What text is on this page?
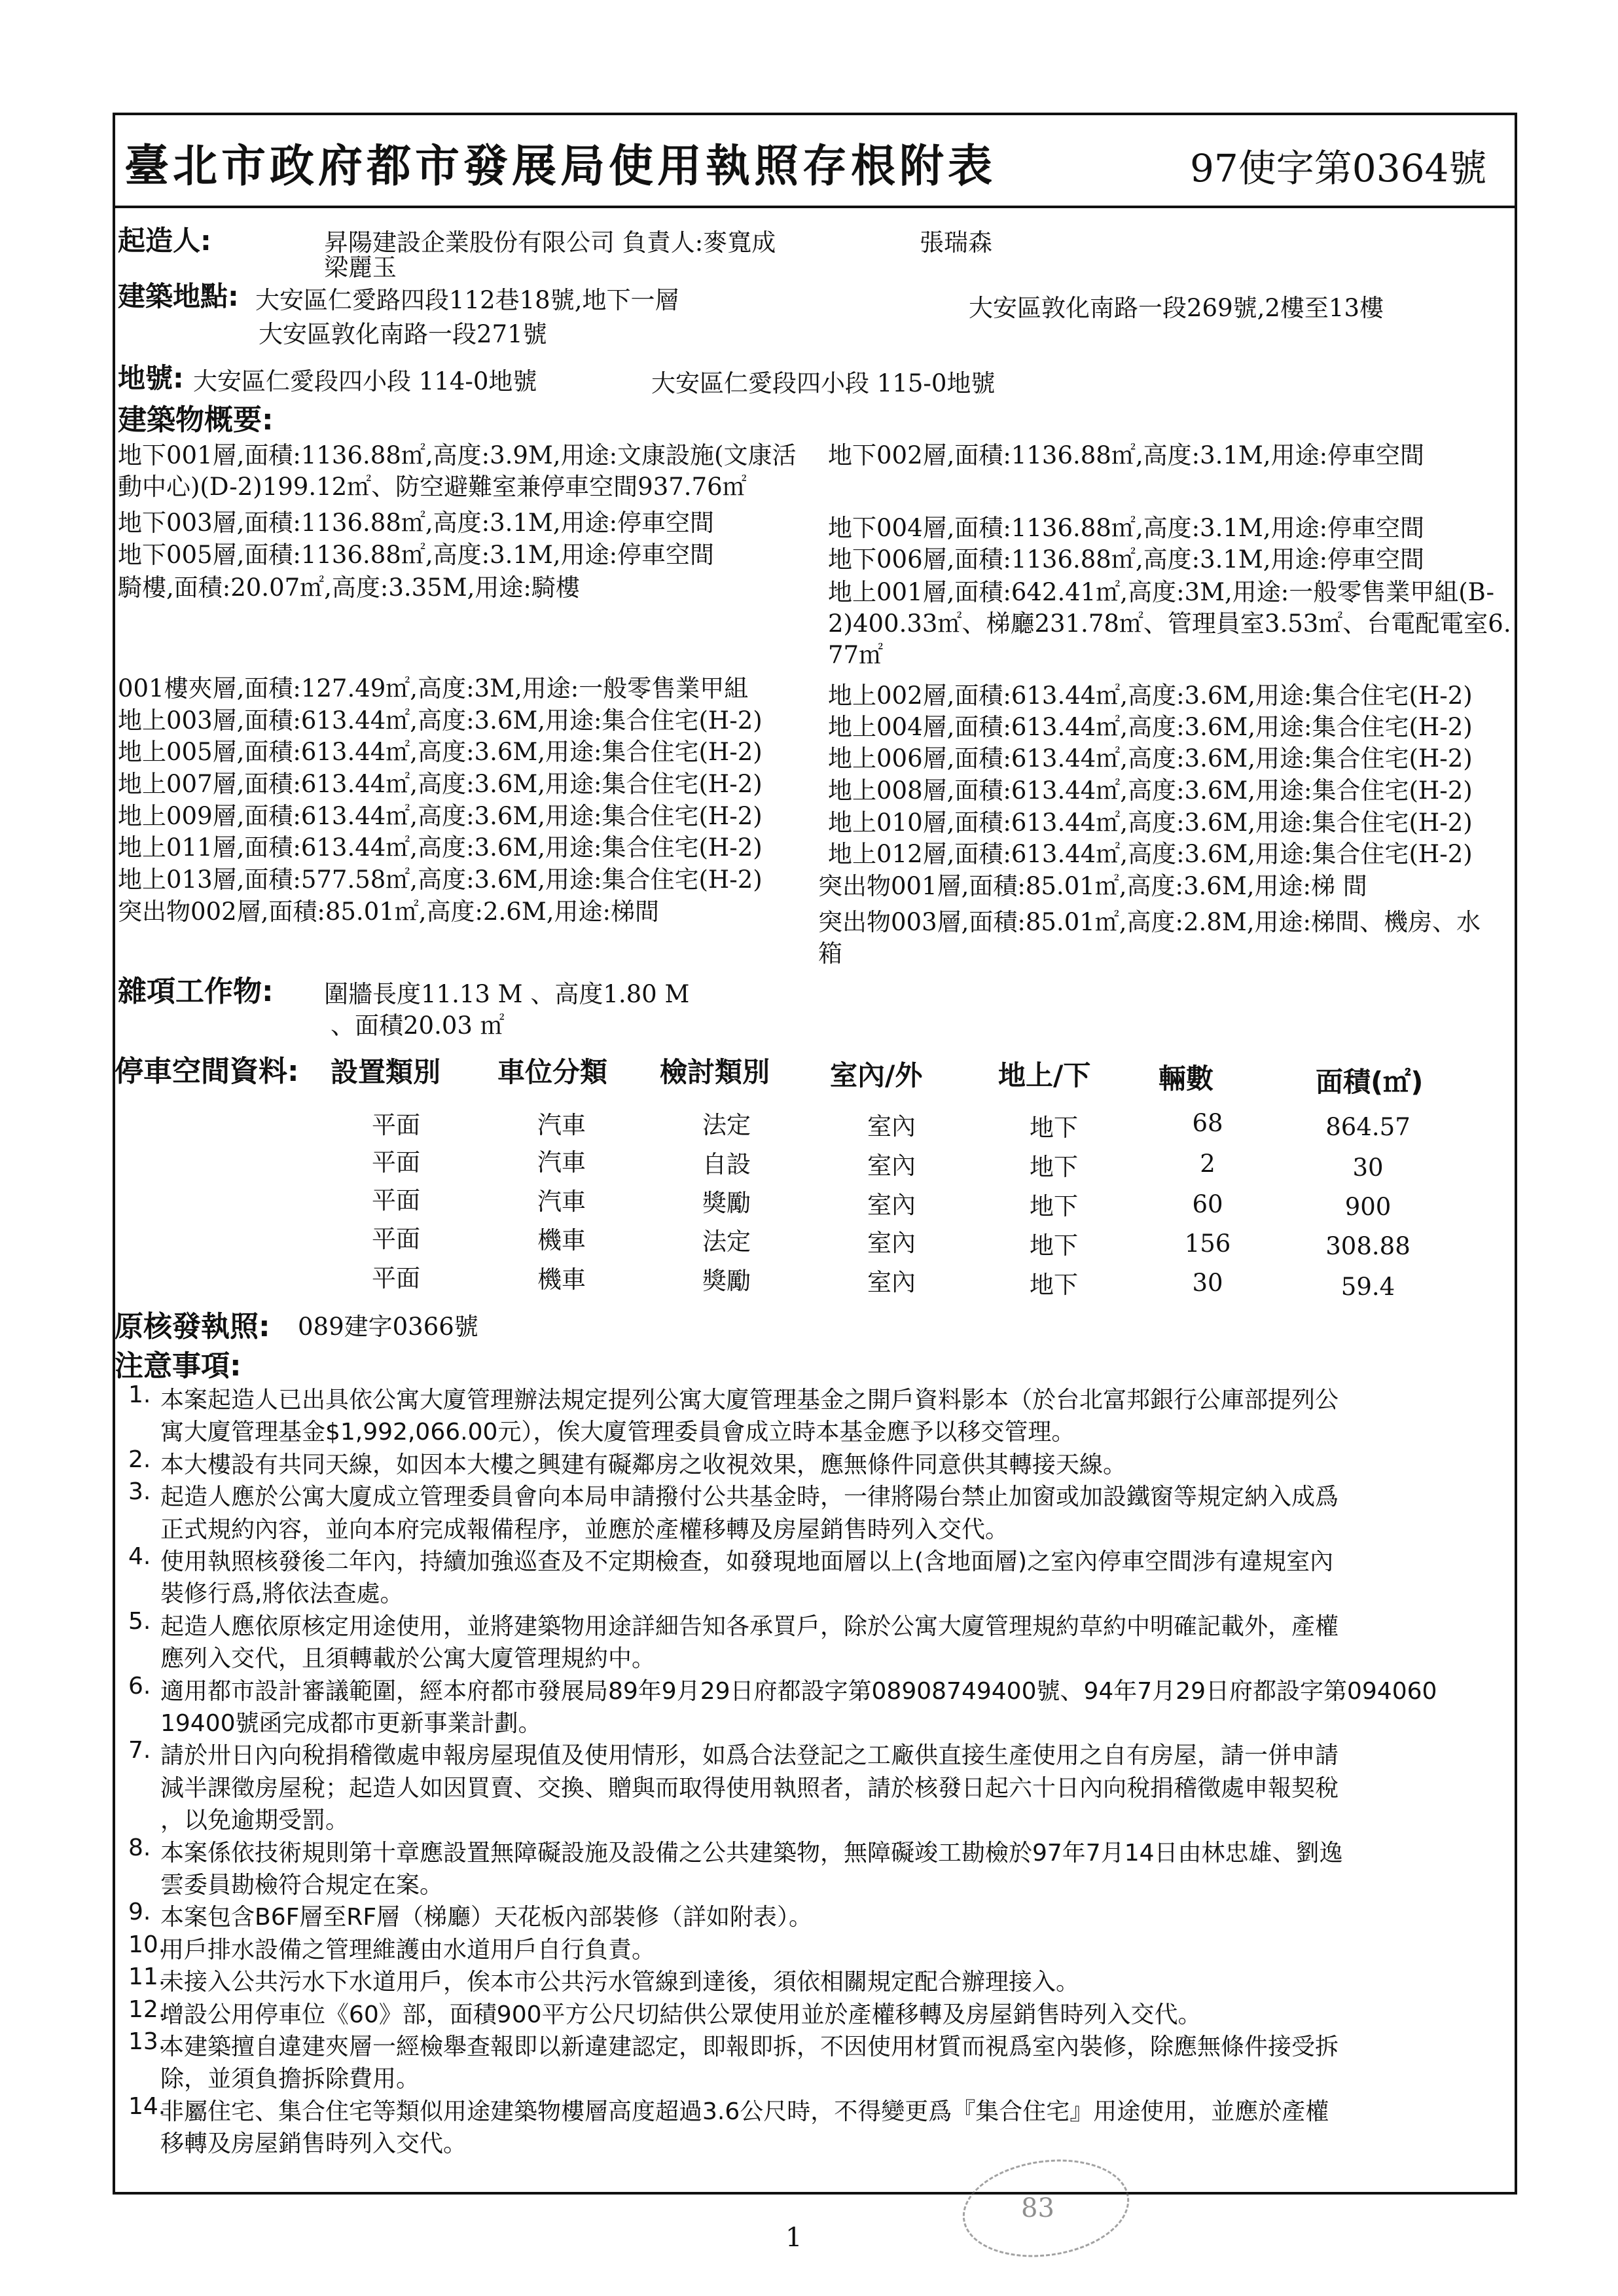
臺北市政府都市發展局使用執照存根附表	97使字第0364號
起造人:	昇陽建設企業股份有限公司 負責人:麥寬成	張瑞森
梁麗玉
建築地點: 大安區仁愛路四段112巷18號,地下一層	大安區敦化南路一段269號,2樓至13樓
大安區敦化南路一段271號
地號: 大安區仁愛段四小段 114-0地號	大安區仁愛段四小段 115-0地號
建築物概要:
地下001層,面積:1136.88㎡,高度:3.9M,用途:文康設施(文康活
動中心)(D-2)199.12㎡、防空避難室兼停車空間937.76㎡
地下003層,面積:1136.88㎡,高度:3.1M,用途:停車空間
地下005層,面積:1136.88㎡,高度:3.1M,用途:停車空間
騎樓,面積:20.07㎡,高度:3.35M,用途:騎樓
001樓夾層,面積:127.49㎡,高度:3M,用途:一般零售業甲組
地上003層,面積:613.44㎡,高度:3.6M,用途:集合住宅(H-2)
地上005層,面積:613.44㎡,高度:3.6M,用途:集合住宅(H-2)
地上007層,面積:613.44㎡,高度:3.6M,用途:集合住宅(H-2)
地上009層,面積:613.44㎡,高度:3.6M,用途:集合住宅(H-2)
地上011層,面積:613.44㎡,高度:3.6M,用途:集合住宅(H-2)
地上013層,面積:577.58㎡,高度:3.6M,用途:集合住宅(H-2)
突出物002層,面積:85.01㎡,高度:2.6M,用途:梯間
地下002層,面積:1136.88㎡,高度:3.1M,用途:停車空間
地下004層,面積:1136.88㎡,高度:3.1M,用途:停車空間
地下006層,面積:1136.88㎡,高度:3.1M,用途:停車空間
地上001層,面積:642.41㎡,高度:3M,用途:一般零售業甲組(B-
2)400.33㎡、梯廳231.78㎡、管理員室3.53㎡、台電配電室6.
77㎡
地上002層,面積:613.44㎡,高度:3.6M,用途:集合住宅(H-2)
地上004層,面積:613.44㎡,高度:3.6M,用途:集合住宅(H-2)
地上006層,面積:613.44㎡,高度:3.6M,用途:集合住宅(H-2)
地上008層,面積:613.44㎡,高度:3.6M,用途:集合住宅(H-2)
地上010層,面積:613.44㎡,高度:3.6M,用途:集合住宅(H-2)
地上012層,面積:613.44㎡,高度:3.6M,用途:集合住宅(H-2)
突出物001層,面積:85.01㎡,高度:3.6M,用途:梯 間
突出物003層,面積:85.01㎡,高度:2.8M,用途:梯間、機房、水
箱
雜項工作物: 圍牆長度11.13 M 、高度1.80 M
、面積20.03 ㎡
停車空間資料: 設置類別 車位分類 檢討類別 室內/外	地上/下 輛數	面積(㎡)
平面	汽車	法定	室內	地下	68	864.57
平面	汽車	自設	室內	地下	2	30
平面	汽車	獎勵	室內	地下	60	900
平面	機車	法定	室內	地下	156	308.88
平面	機車	獎勵	室內	地下	30	59.4
原核發執照: 089建字0366號
注意事項:
1. 本案起造人已出具依公寓大廈管理辦法規定提列公寓大廈管理基金之開戶資料影本（於台北富邦銀行公庫部提列公
寓大廈管理基金$1,992,066.00元），俟大廈管理委員會成立時本基金應予以移交管理。
2. 本大樓設有共同天線，如因本大樓之興建有礙鄰房之收視效果，應無條件同意供其轉接天線。
3. 起造人應於公寓大廈成立管理委員會向本局申請撥付公共基金時，一律將陽台禁止加窗或加設鐵窗等規定納入成爲
正式規約內容，並向本府完成報備程序，並應於產權移轉及房屋銷售時列入交代。
4. 使用執照核發後二年內，持續加強巡查及不定期檢查，如發現地面層以上(含地面層)之室內停車空間涉有違規室內
裝修行爲,將依法查處。
5. 起造人應依原核定用途使用，並將建築物用途詳細告知各承買戶，除於公寓大廈管理規約草約中明確記載外，產權
應列入交代，且須轉載於公寓大廈管理規約中。
6. 適用都市設計審議範圍，經本府都市發展局89年9月29日府都設字第08908749400號、94年7月29日府都設字第094060
19400號函完成都市更新事業計劃。
7. 請於卅日內向稅捐稽徵處申報房屋現值及使用情形，如爲合法登記之工廠供直接生產使用之自有房屋，請一併申請
減半課徵房屋稅；起造人如因買賣、交換、贈與而取得使用執照者，請於核發日起六十日內向稅捐稽徵處申報契稅
，以免逾期受罰。
8. 本案係依技術規則第十章應設置無障礙設施及設備之公共建築物，無障礙竣工勘檢於97年7月14日由林忠雄、劉逸
雲委員勘檢符合規定在案。
9. 本案包含B6F層至RF層（梯廳）天花板內部裝修（詳如附表）。
10.
用戶排水設備之管理維護由水道用戶自行負責。
11.
未接入公共污水下水道用戶，俟本市公共污水管線到達後，須依相關規定配合辦理接入。
12.
增設公用停車位《60》部，面積900平方公尺切結供公眾使用並於產權移轉及房屋銷售時列入交代。
13.
本建築擅自違建夾層一經檢舉查報即以新違建認定，即報即拆，不因使用材質而視爲室內裝修，除應無條件接受拆
除，並須負擔拆除費用。
14.
非屬住宅、集合住宅等類似用途建築物樓層高度超過3.6公尺時，不得變更爲『集合住宅』用途使用，並應於產權
移轉及房屋銷售時列入交代。
83
1
